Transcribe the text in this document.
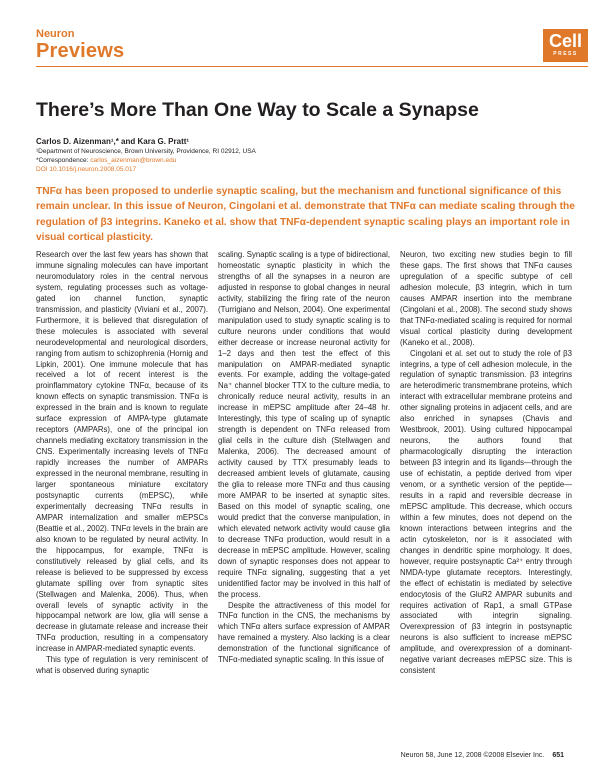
Neuron
Previews	Cell
PRESS
There’s More Than One Way to Scale a Synapse
Carlos D. Aizenman¹,* and Kara G. Pratt¹
¹Department of Neuroscience, Brown University, Providence, RI 02912, USA
*Correspondence: carlos_aizenman@brown.edu
DOI 10.1016/j.neuron.2008.05.017
TNFα has been proposed to underlie synaptic scaling, but the mechanism and functional significance of this remain unclear. In this issue of Neuron, Cingolani et al. demonstrate that TNFα can mediate scaling through the regulation of β3 integrins. Kaneko et al. show that TNFα-dependent synaptic scaling plays an important role in visual cortical plasticity.

Research over the last few years has shown that immune signaling molecules can have important neuromodulatory roles in the central nervous system, regulating processes such as voltage-gated ion channel function, synaptic transmission, and plasticity (Viviani et al., 2007). Furthermore, it is believed that disregulation of these molecules is associated with several neurodevelopmental and neurological disorders, ranging from autism to schizophrenia (Hornig and Lipkin, 2001). One immune molecule that has received a lot of recent interest is the proinflammatory cytokine TNFα, because of its known effects on synaptic transmission. TNFα is expressed in the brain and is known to regulate surface expression of AMPA-type glutamate receptors (AMPARs), one of the principal ion channels mediating excitatory transmission in the CNS. Experimentally increasing levels of TNFα rapidly increases the number of AMPARs expressed in the neuronal membrane, resulting in larger spontaneous miniature excitatory postsynaptic currents (mEPSC), while experimentally decreasing TNFα results in AMPAR internalization and smaller mEPSCs (Beattie et al., 2002). TNFα levels in the brain are also known to be regulated by neural activity. In the hippocampus, for example, TNFα is constitutively released by glial cells, and its release is believed to be suppressed by excess glutamate spilling over from synaptic sites (Stellwagen and Malenka, 2006). Thus, when overall levels of synaptic activity in the hippocampal network are low, glia will sense a decrease in glutamate release and increase their TNFα production, resulting in a compensatory increase in AMPAR-mediated synaptic events.

This type of regulation is very reminiscent of what is observed during synaptic

scaling. Synaptic scaling is a type of bidirectional, homeostatic synaptic plasticity in which the strengths of all the synapses in a neuron are adjusted in response to global changes in neural activity, stabilizing the firing rate of the neuron (Turrigiano and Nelson, 2004). One experimental manipulation used to study synaptic scaling is to culture neurons under conditions that would either decrease or increase neuronal activity for 1–2 days and then test the effect of this manipulation on AMPAR-mediated synaptic events. For example, adding the voltage-gated Na⁺ channel blocker TTX to the culture media, to chronically reduce neural activity, results in an increase in mEPSC amplitude after 24–48 hr. Interestingly, this type of scaling up of synaptic strength is dependent on TNFα released from glial cells in the culture dish (Stellwagen and Malenka, 2006). The decreased amount of activity caused by TTX presumably leads to decreased ambient levels of glutamate, causing the glia to release more TNFα and thus causing more AMPAR to be inserted at synaptic sites. Based on this model of synaptic scaling, one would predict that the converse manipulation, in which elevated network activity would cause glia to decrease TNFα production, would result in a decrease in mEPSC amplitude. However, scaling down of synaptic responses does not appear to require TNFα signaling, suggesting that a yet unidentified factor may be involved in this half of the process.

Despite the attractiveness of this model for TNFα function in the CNS, the mechanisms by which TNFα alters surface expression of AMPAR have remained a mystery. Also lacking is a clear demonstration of the functional significance of TNFα-mediated synaptic scaling. In this issue of

Neuron, two exciting new studies begin to fill these gaps. The first shows that TNFα causes upregulation of a specific subtype of cell adhesion molecule, β3 integrin, which in turn causes AMPAR insertion into the membrane (Cingolani et al., 2008). The second study shows that TNFα-mediated scaling is required for normal visual cortical plasticity during development (Kaneko et al., 2008).

Cingolani et al. set out to study the role of β3 integrins, a type of cell adhesion molecule, in the regulation of synaptic transmission. β3 integrins are heterodimeric transmembrane proteins, which interact with extracellular membrane proteins and other signaling proteins in adjacent cells, and are also enriched in synapses (Chavis and Westbrook, 2001). Using cultured hippocampal neurons, the authors found that pharmacologically disrupting the interaction between β3 integrin and its ligands—through the use of echistatin, a peptide derived from viper venom, or a synthetic version of the peptide—results in a rapid and reversible decrease in mEPSC amplitude. This decrease, which occurs within a few minutes, does not depend on the known interactions between integrins and the actin cytoskeleton, nor is it associated with changes in dendritic spine morphology. It does, however, require postsynaptic Ca²⁺ entry through NMDA-type glutamate receptors. Interestingly, the effect of echistatin is mediated by selective endocytosis of the GluR2 AMPAR subunits and requires activation of Rap1, a small GTPase associated with integrin signaling. Overexpression of β3 integrin in postsynaptic neurons is also sufficient to increase mEPSC amplitude, and overexpression of a dominant-negative variant decreases mEPSC size. This is consistent

Neuron 58, June 12, 2008 ©2008 Elsevier Inc. 651
